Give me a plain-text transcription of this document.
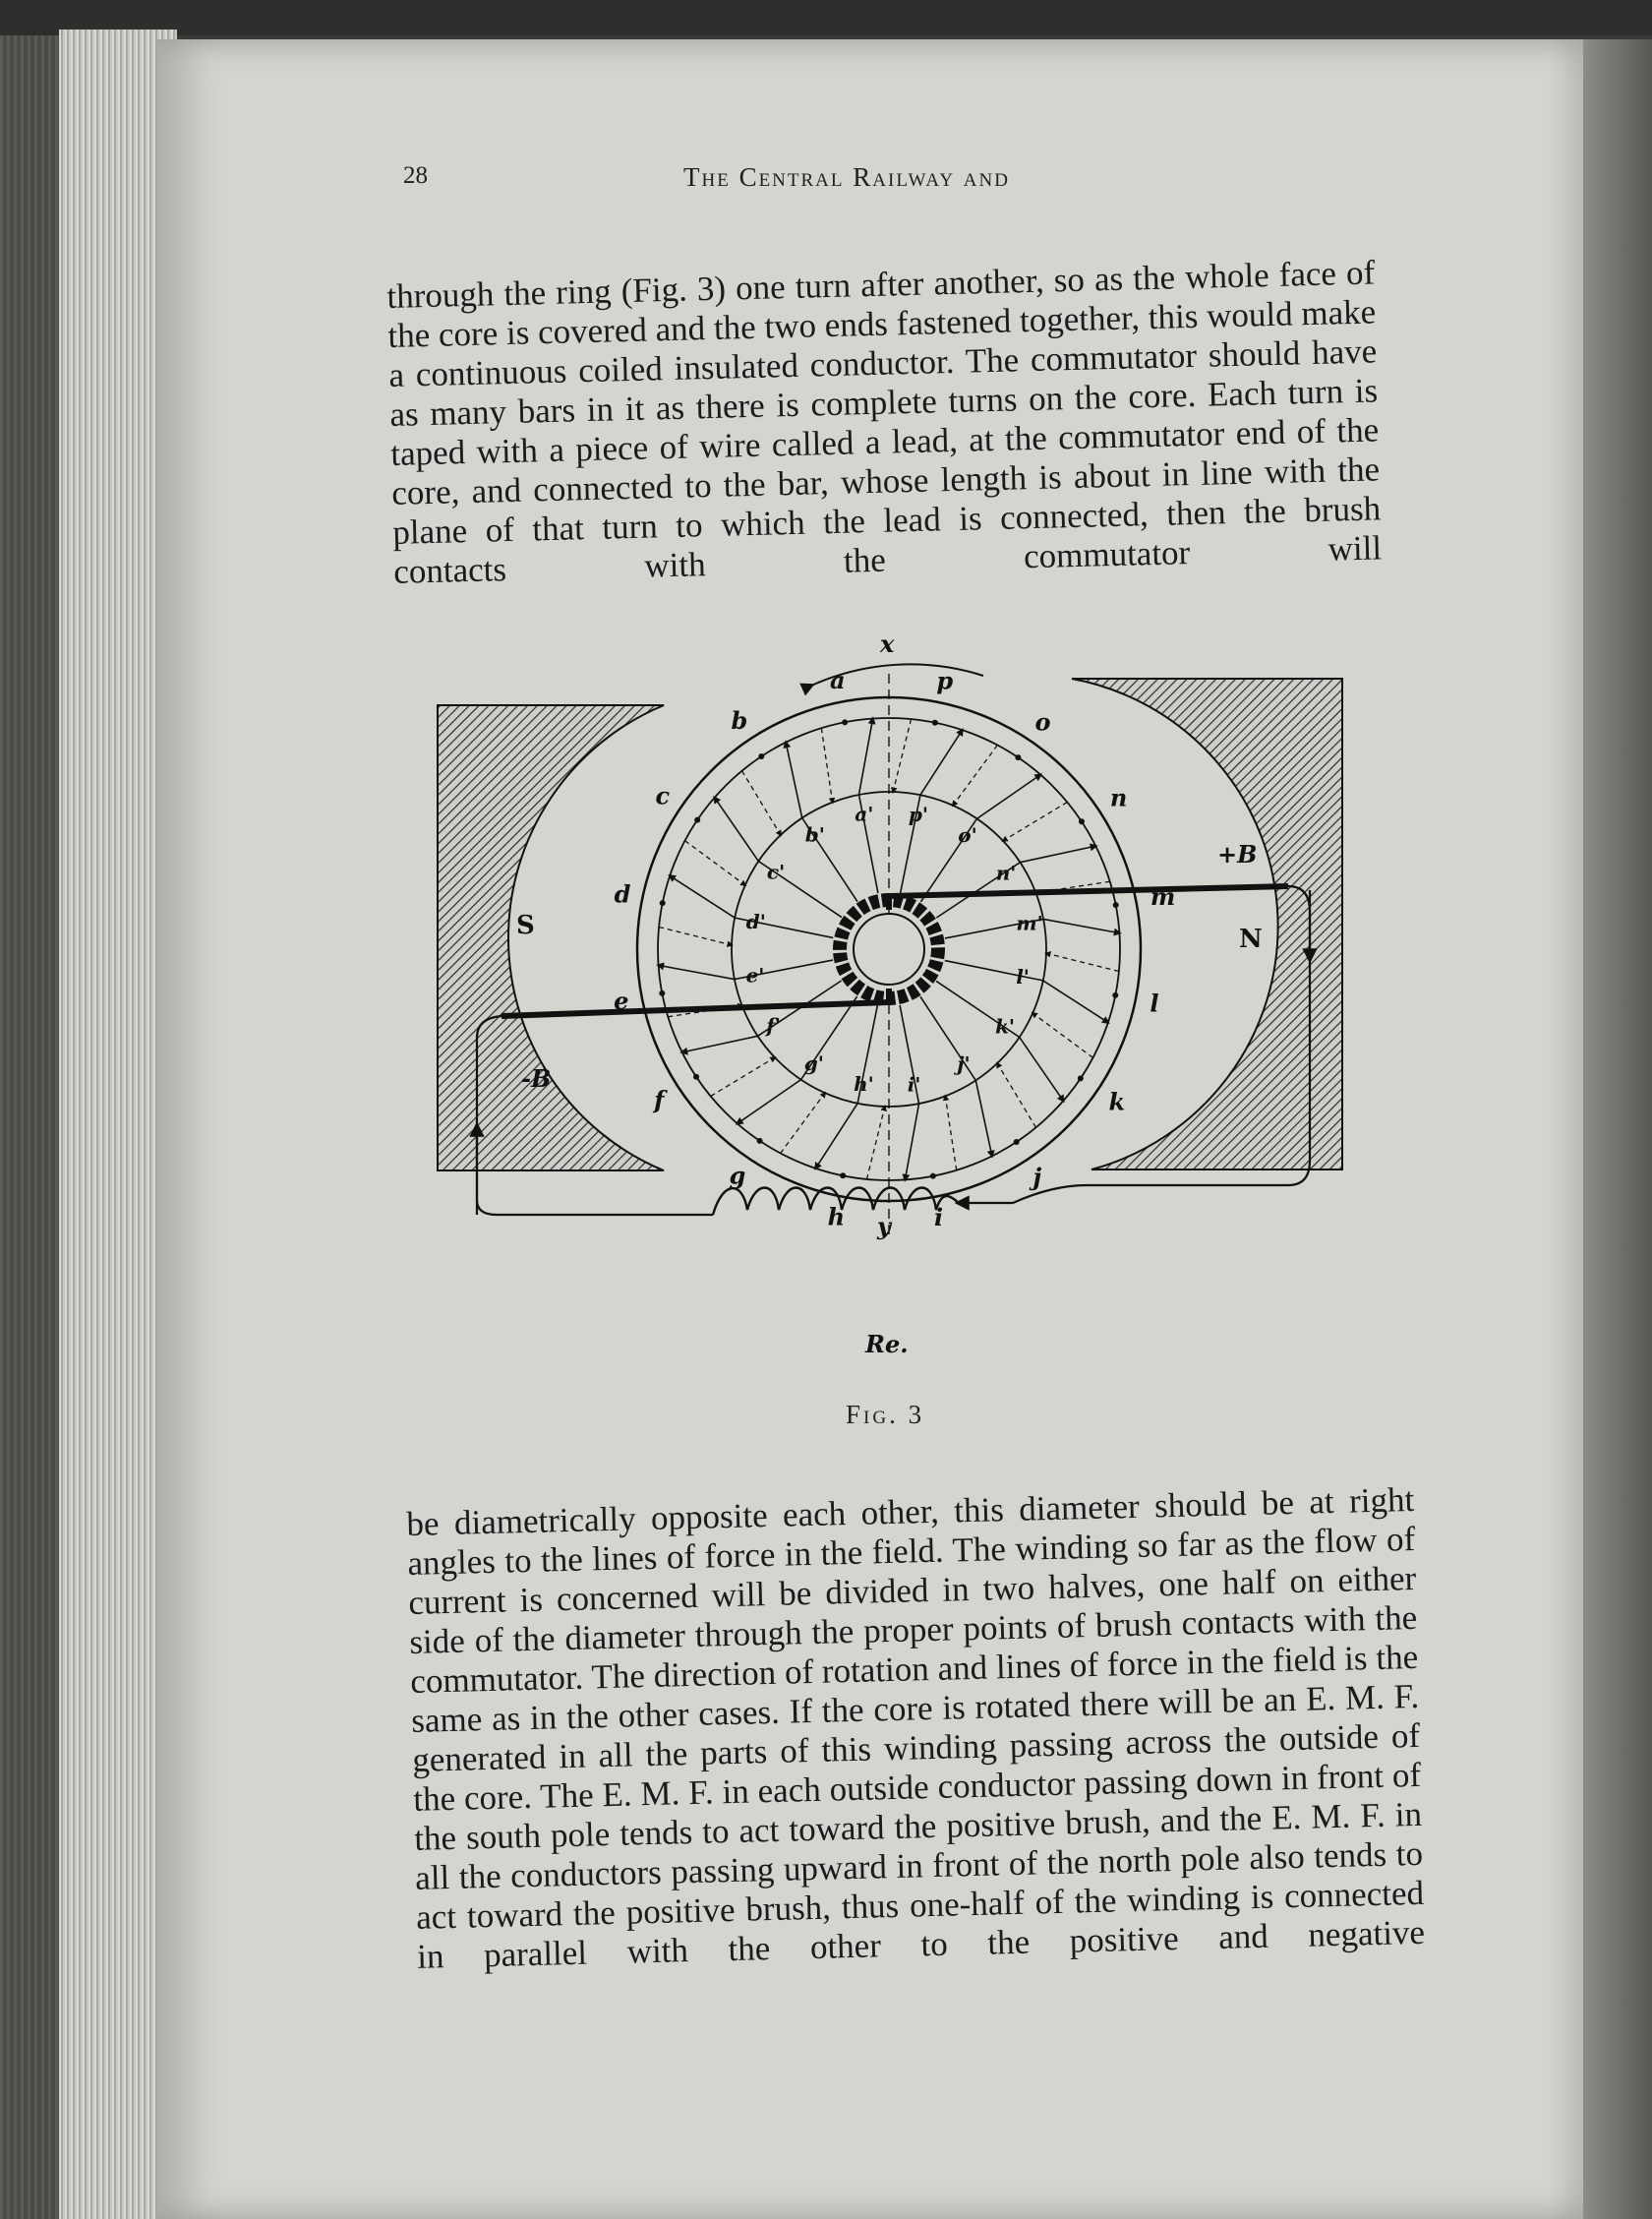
28	The Central Railway and

through the ring (Fig. 3) one turn after another, so as the whole face of the core is covered and the two ends fastened together, this would make a continuous coiled insulated conductor. The commutator should have as many bars in it as there is complete turns on the core. Each turn is taped with a piece of wire called a lead, at the commutator end of the core, and connected to the bar, whose length is about in line with the plane of that turn to which the lead is connected, then the brush contacts with the commutator will

a
a'
b
b'
c
c'
d
d'
e
e'
f
f'
g
g'
h
h'
i
i'
j
j'
k
k'
l
l'
m
m'
n
n'
o
o'
p
p'
S	N
+B
-B
x
y
Re.
Fig. 3

be diametrically opposite each other, this diameter should be at right angles to the lines of force in the field. The winding so far as the flow of current is concerned will be divided in two halves, one half on either side of the diameter through the proper points of brush contacts with the commutator. The direction of rotation and lines of force in the field is the same as in the other cases. If the core is rotated there will be an E. M. F. generated in all the parts of this winding passing across the outside of the core. The E. M. F. in each outside conductor passing down in front of the south pole tends to act toward the positive brush, and the E. M. F. in all the conductors passing upward in front of the north pole also tends to act toward the positive brush, thus one-half of the winding is connected in parallel with the other to the positive and negative
